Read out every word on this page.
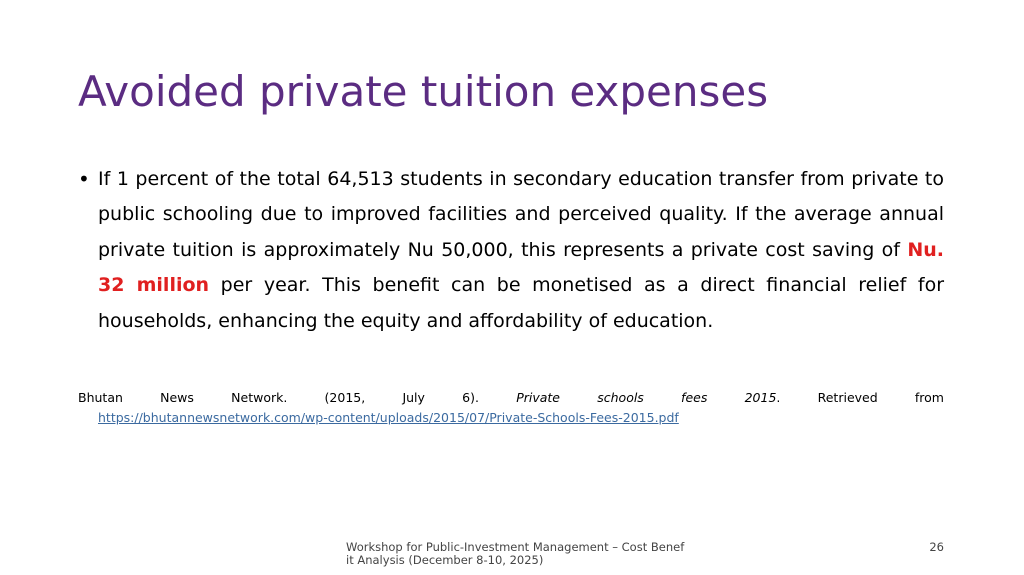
Avoided private tuition expenses
• If 1 percent of the total 64,513 students in secondary education transfer from private to public schooling due to improved facilities and perceived quality. If the average annual private tuition is approximately Nu 50,000, this represents a private cost saving of Nu. 32 million per year. This benefit can be monetised as a direct financial relief for households, enhancing the equity and affordability of education.
Bhutan News Network. (2015, July 6). Private schools fees 2015. Retrieved from
https://bhutannewsnetwork.com/wp-content/uploads/2015/07/Private-Schools-Fees-2015.pdf
Workshop for Public-Investment Management – Cost Benefit Analysis (December 8-10, 2025)
26
